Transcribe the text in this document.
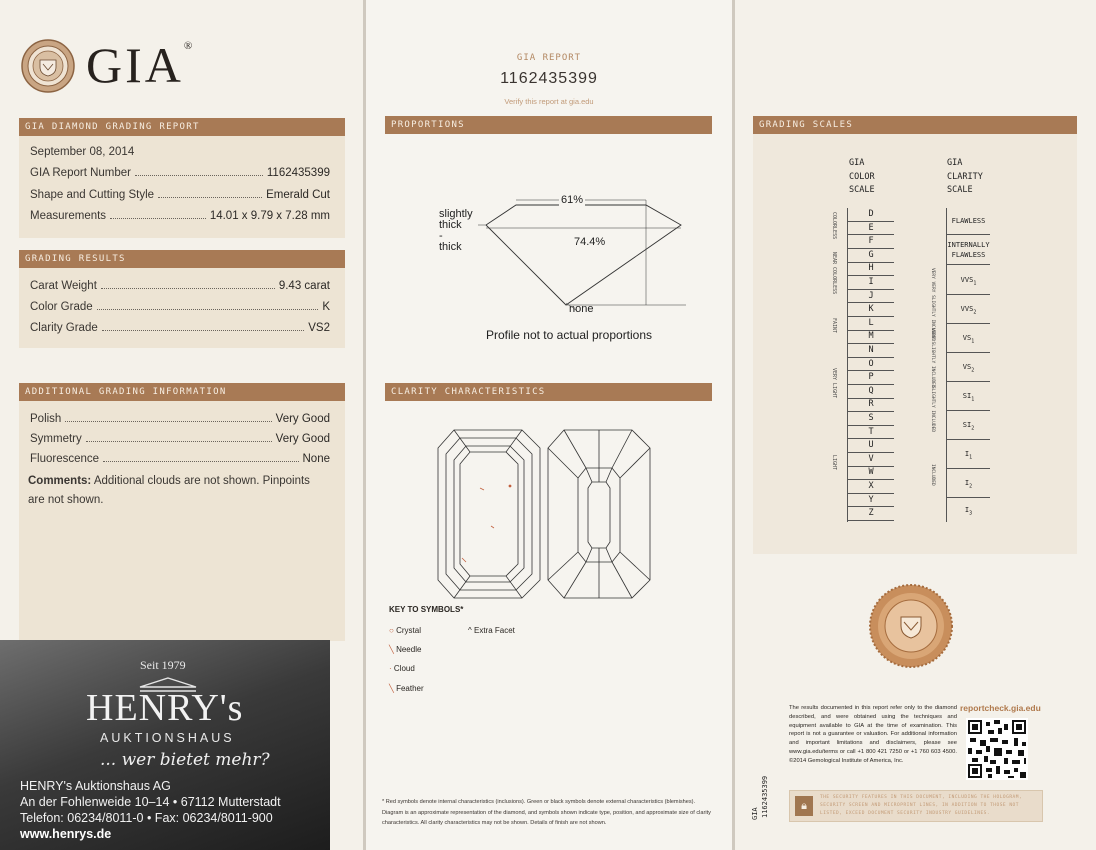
GIA®
GIA DIAMOND GRADING REPORT
September 08, 2014
GIA Report Number	1162435399
Shape and Cutting Style	Emerald Cut
Measurements	14.01 x 9.79 x 7.28 mm
GRADING RESULTS
Carat Weight	9.43 carat
Color Grade	K
Clarity Grade	VS2
ADDITIONAL GRADING INFORMATION
Polish	Very Good
Symmetry	Very Good
Fluorescence	None
Comments: Additional clouds are not shown. Pinpoints are not shown.
Seit 1979
HENRY's
AUKTIONSHAUS
... wer bietet mehr?
HENRY's Auktionshaus AG
An der Fohlenweide 10–14 • 67112 Mutterstadt
Telefon: 06234/8011-0 • Fax: 06234/8011-900
www.henrys.de
GIA REPORT
1162435399
Verify this report at gia.edu
PROPORTIONS
61%
74.4%
slightly
thick
-
thick
none
Profile not to actual proportions
CLARITY CHARACTERISTICS
KEY TO SYMBOLS*
○ Crystal
╲ Needle
· Cloud
╲ Feather
^ Extra Facet
* Red symbols denote internal characteristics (inclusions). Green or black symbols denote external characteristics (blemishes). Diagram is an approximate representation of the diamond, and symbols shown indicate type, position, and approximate size of clarity characteristics. All clarity characteristics may not be shown. Details of finish are not shown.
GRADING SCALES
GIA
COLOR
SCALE
GIA
CLARITY
SCALE
D
E
F
G
H
I
J
K
L
M
N
O
P
Q
R
S
T
U
V
W
X
Y
Z
COLORLESS
NEAR COLORLESS
FAINT
VERY LIGHT
LIGHT
FLAWLESS
INTERNALLY
FLAWLESS
$VVS_1$
$VVS_2$
$VS_1$
$VS_2$
$SI_1$
$SI_2$
$I_1$
$I_2$
$I_3$
VERY VERY SLIGHTLY INCLUDED
VERY SLIGHTLY INCLUDED
SLIGHTLY INCLUDED
INCLUDED
GIA 1162435399
The results documented in this report refer only to the diamond described, and were obtained using the techniques and equipment available to GIA at the time of examination. This report is not a guarantee or valuation. For additional information and important limitations and disclaimers, please see www.gia.edu/terms or call +1 800 421 7250 or +1 760 603 4500. ©2014 Gemological Institute of America, Inc.
reportcheck.gia.edu
🔒︎
THE SECURITY FEATURES IN THIS DOCUMENT, INCLUDING THE HOLOGRAM, SECURITY SCREEN AND MICROPRINT LINES, IN ADDITION TO THOSE NOT LISTED, EXCEED DOCUMENT SECURITY INDUSTRY GUIDELINES.
